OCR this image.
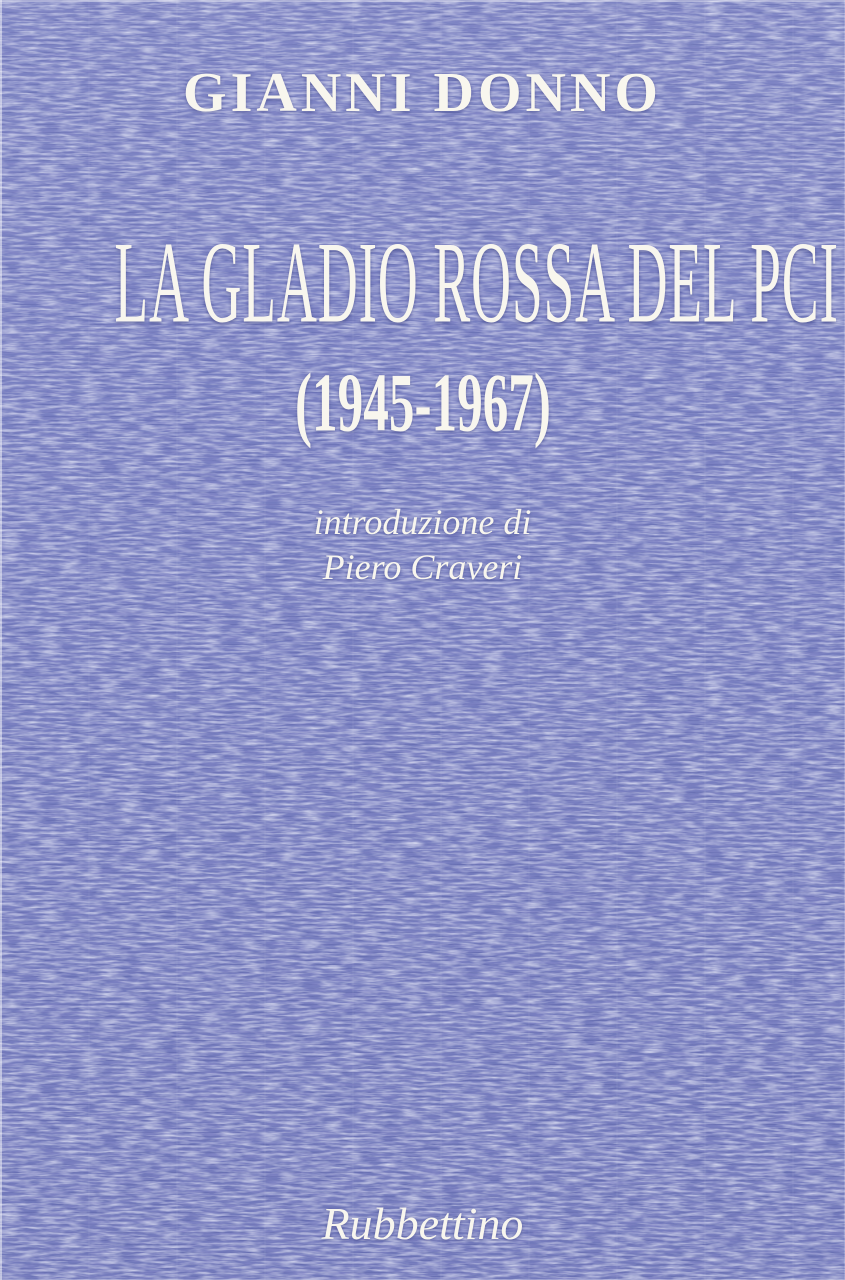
GIANNI DONNO
LA GLADIO ROSSA DEL PCI
(1945-1967)
introduzione di
Piero Craveri
Rubbettino
